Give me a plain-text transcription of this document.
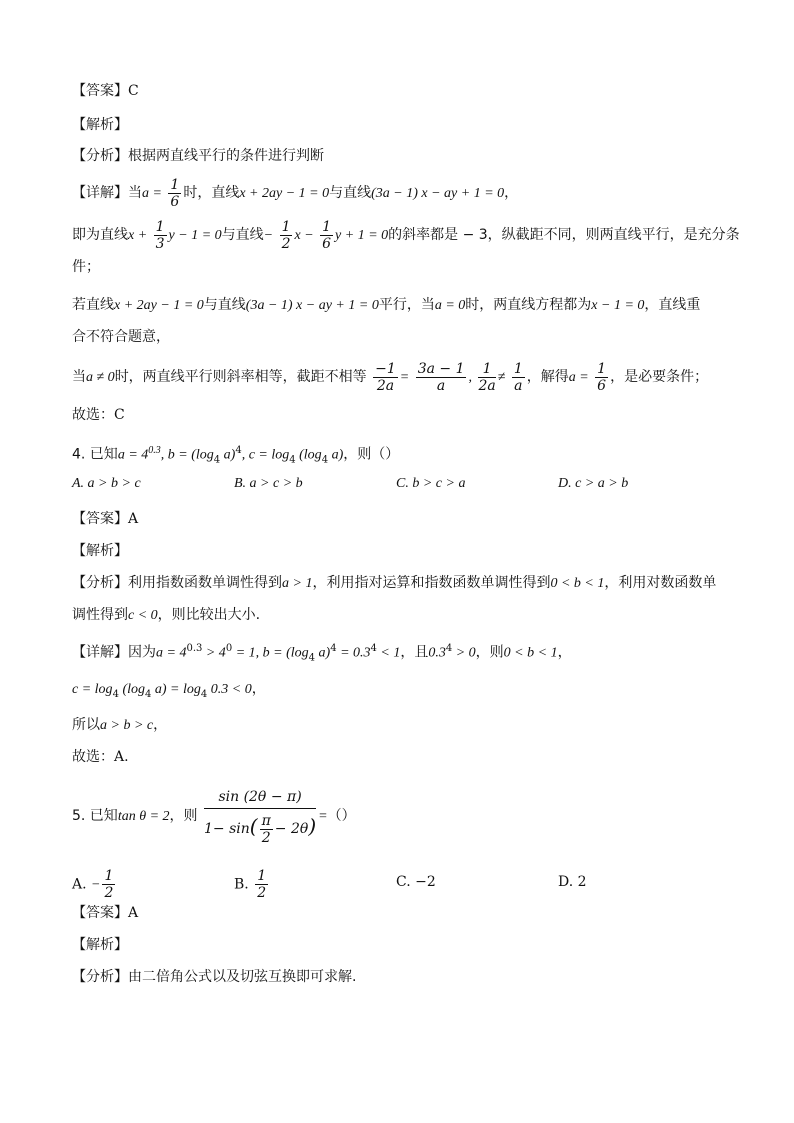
【答案】C
【解析】
【分析】根据两直线平行的条件进行判断
【详解】当$a = \frac{1}{6}$ 时，直线x + 2ay − 1 = 0与直线(3a − 1) x − ay + 1 = 0，
即为直线$x + \frac{1}{3}$ y − 1 = 0与直线− $\frac{1}{2}$ $x - \frac{1}{6}$ y + 1 = 0的斜率都是 − 3，纵截距不同，则两直线平行，是充分条
件；
若直线x + 2ay − 1 = 0与直线(3a − 1) x − ay + 1 = 0平行，当a = 0时，两直线方程都为x − 1 = 0，直线重
合不符合题意，
当a ≠ 0时，两直线平行则斜率相等，截距不相等 $\frac{-1}{2a} = \frac{3a - 1}{a}$ , $\frac{1}{2a} \ne \frac{1}{a}$ ，解得$a = \frac{1}{6}$ ，是必要条件；
故选：C
4. 已知$a = 4^{0.3}$, $b = (\log_4$ a)$^4$, $c = \log_4 (\log_4$ a)，则（）
A. a > b > c	B. a > c > b	C. b > c > a	D. c > a > b
【答案】A
【解析】
【分析】利用指数函数单调性得到a > 1，利用指对运算和指数函数单调性得到0 < b < 1，利用对数函数单
调性得到c < 0，则比较出大小.
【详解】因为$a = 4^{0.3} > 4^0 = 1$, $b = (\log_4$ $a)^4 = 0.3^4 < 1$，且$0.3^4 > 0$，则0 < b < 1，
$c = \log_4 (\log_4$ $a) = \log_4 0.3 < 0$，
所以a > b > c，
故选：A.
5. 已知tan θ = 2，则 $\frac{\sin (2\theta - \pi)}{1- \sin( \frac{\pi}{2} - 2\theta)}$ =（）
A. − $\frac{1}{2}$	B. $\frac{1}{2}$	C. −2	D. 2
【答案】A
【解析】
【分析】由二倍角公式以及切弦互换即可求解.
